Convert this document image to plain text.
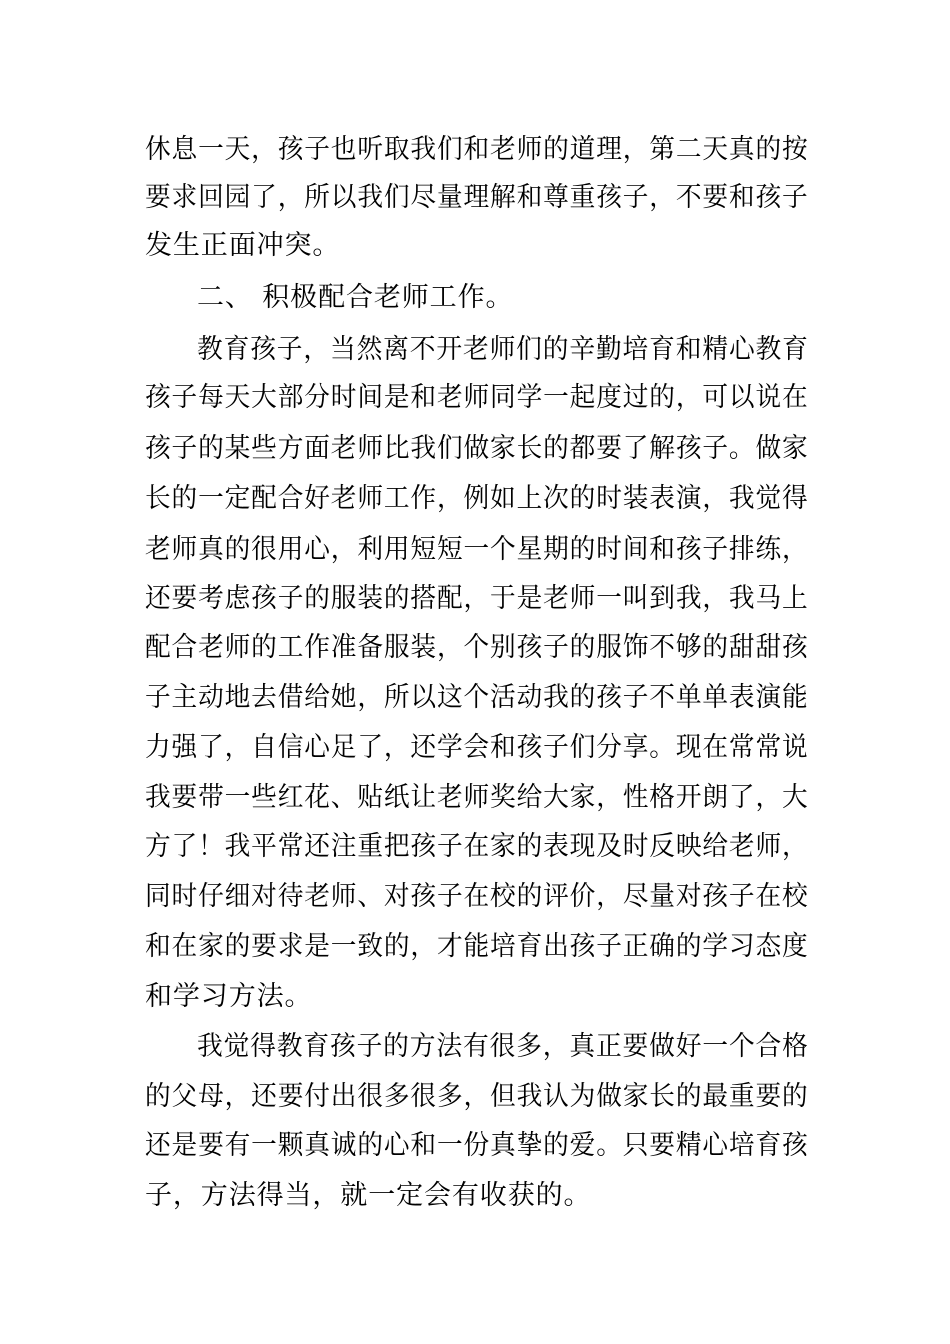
休息一天，孩子也听取我们和老师的道理，第二天真的按
要求回园了，所以我们尽量理解和尊重孩子，不要和孩子
发生正面冲突。
二、 积极配合老师工作。
教育孩子，当然离不开老师们的辛勤培育和精心教育
孩子每天大部分时间是和老师同学一起度过的，可以说在
孩子的某些方面老师比我们做家长的都要了解孩子。做家
长的一定配合好老师工作，例如上次的时装表演，我觉得
老师真的很用心，利用短短一个星期的时间和孩子排练，
还要考虑孩子的服装的搭配，于是老师一叫到我，我马上
配合老师的工作准备服装，个别孩子的服饰不够的甜甜孩
子主动地去借给她，所以这个活动我的孩子不单单表演能
力强了，自信心足了，还学会和孩子们分享。现在常常说
我要带一些红花、贴纸让老师奖给大家，性格开朗了，大
方了！我平常还注重把孩子在家的表现及时反映给老师，
同时仔细对待老师、对孩子在校的评价，尽量对孩子在校
和在家的要求是一致的，才能培育出孩子正确的学习态度
和学习方法。
我觉得教育孩子的方法有很多，真正要做好一个合格
的父母，还要付出很多很多，但我认为做家长的最重要的
还是要有一颗真诚的心和一份真挚的爱。只要精心培育孩
子，方法得当，就一定会有收获的。
